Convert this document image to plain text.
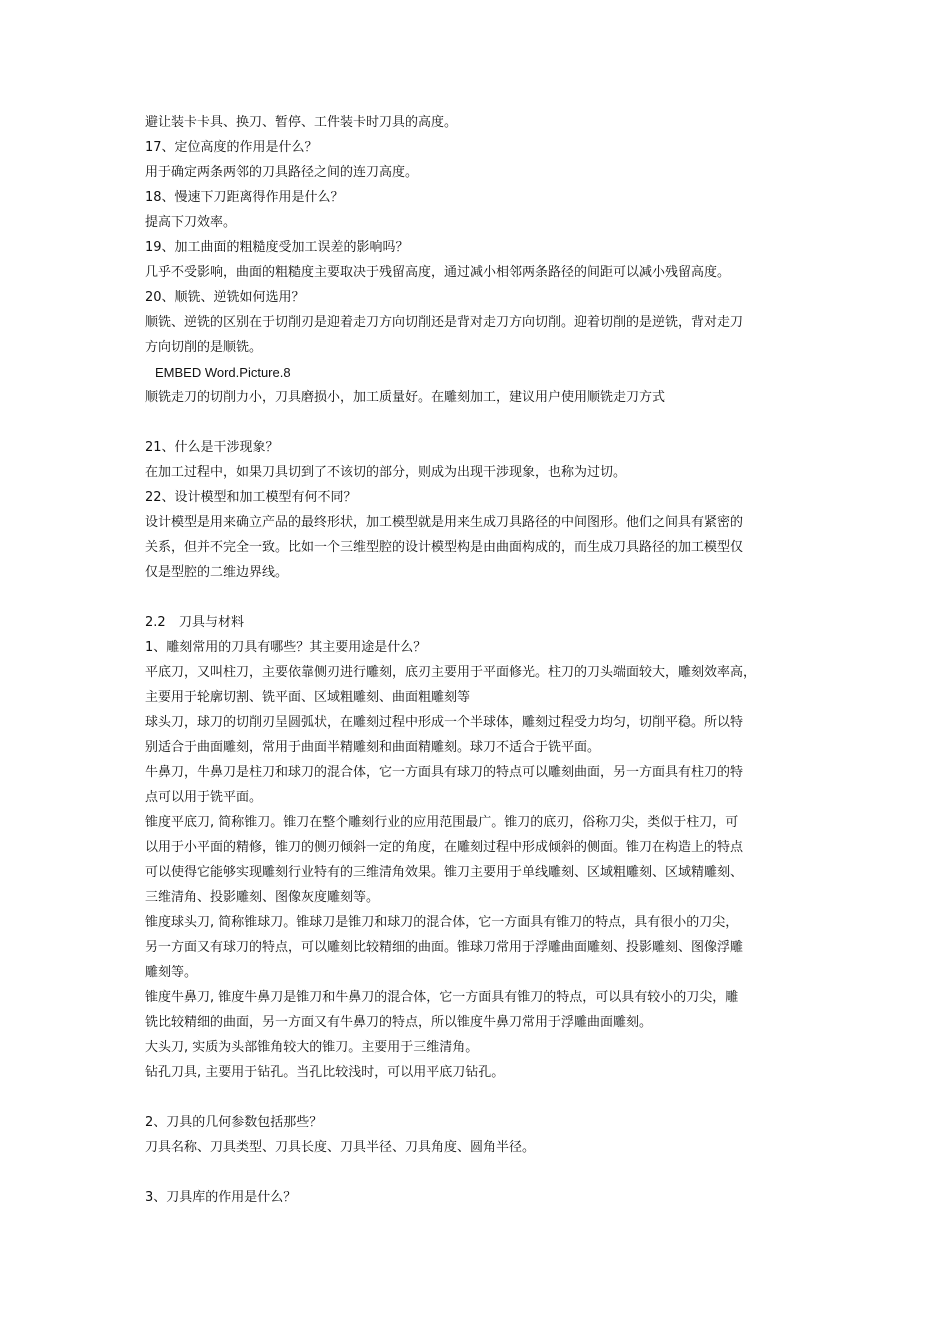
避让装卡卡具、换刀、暂停、工件装卡时刀具的高度。

17、定位高度的作用是什么？

用于确定两条两邻的刀具路径之间的连刀高度。

18、慢速下刀距离得作用是什么？

提高下刀效率。

19、加工曲面的粗糙度受加工误差的影响吗？

几乎不受影响，曲面的粗糙度主要取决于残留高度，通过减小相邻两条路径的间距可以减小残留高度。

20、顺铣、逆铣如何选用？

顺铣、逆铣的区别在于切削刃是迎着走刀方向切削还是背对走刀方向切削。迎着切削的是逆铣，背对走刀
方向切削的是顺铣。

EMBED Word.Picture.8

顺铣走刀的切削力小，刀具磨损小，加工质量好。在雕刻加工，建议用户使用顺铣走刀方式

21、什么是干涉现象？

在加工过程中，如果刀具切到了不该切的部分，则成为出现干涉现象，也称为过切。

22、设计模型和加工模型有何不同？

设计模型是用来确立产品的最终形状，加工模型就是用来生成刀具路径的中间图形。他们之间具有紧密的
关系，但并不完全一致。比如一个三维型腔的设计模型构是由曲面构成的，而生成刀具路径的加工模型仅
仅是型腔的二维边界线。

2.2 刀具与材料
1、雕刻常用的刀具有哪些？其主要用途是什么？

平底刀，又叫柱刀，主要依靠侧刃进行雕刻，底刃主要用于平面修光。柱刀的刀头端面较大，雕刻效率高，
主要用于轮廓切割、铣平面、区域粗雕刻、曲面粗雕刻等

球头刀，球刀的切削刃呈圆弧状，在雕刻过程中形成一个半球体，雕刻过程受力均匀，切削平稳。所以特
别适合于曲面雕刻，常用于曲面半精雕刻和曲面精雕刻。球刀不适合于铣平面。

牛鼻刀，牛鼻刀是柱刀和球刀的混合体，它一方面具有球刀的特点可以雕刻曲面，另一方面具有柱刀的特
点可以用于铣平面。

锥度平底刀, 简称锥刀。锥刀在整个雕刻行业的应用范围最广。锥刀的底刃，俗称刀尖，类似于柱刀，可
以用于小平面的精修，锥刀的侧刃倾斜一定的角度，在雕刻过程中形成倾斜的侧面。锥刀在构造上的特点
可以使得它能够实现雕刻行业特有的三维清角效果。锥刀主要用于单线雕刻、区域粗雕刻、区域精雕刻、
三维清角、投影雕刻、图像灰度雕刻等。

锥度球头刀, 简称锥球刀。锥球刀是锥刀和球刀的混合体，它一方面具有锥刀的特点，具有很小的刀尖，
另一方面又有球刀的特点，可以雕刻比较精细的曲面。锥球刀常用于浮雕曲面雕刻、投影雕刻、图像浮雕
雕刻等。

锥度牛鼻刀, 锥度牛鼻刀是锥刀和牛鼻刀的混合体，它一方面具有锥刀的特点，可以具有较小的刀尖，雕
铣比较精细的曲面，另一方面又有牛鼻刀的特点，所以锥度牛鼻刀常用于浮雕曲面雕刻。

大头刀, 实质为头部锥角较大的锥刀。主要用于三维清角。

钻孔刀具, 主要用于钻孔。当孔比较浅时，可以用平底刀钻孔。

2、刀具的几何参数包括那些？

刀具名称、刀具类型、刀具长度、刀具半径、刀具角度、圆角半径。

3、刀具库的作用是什么？
